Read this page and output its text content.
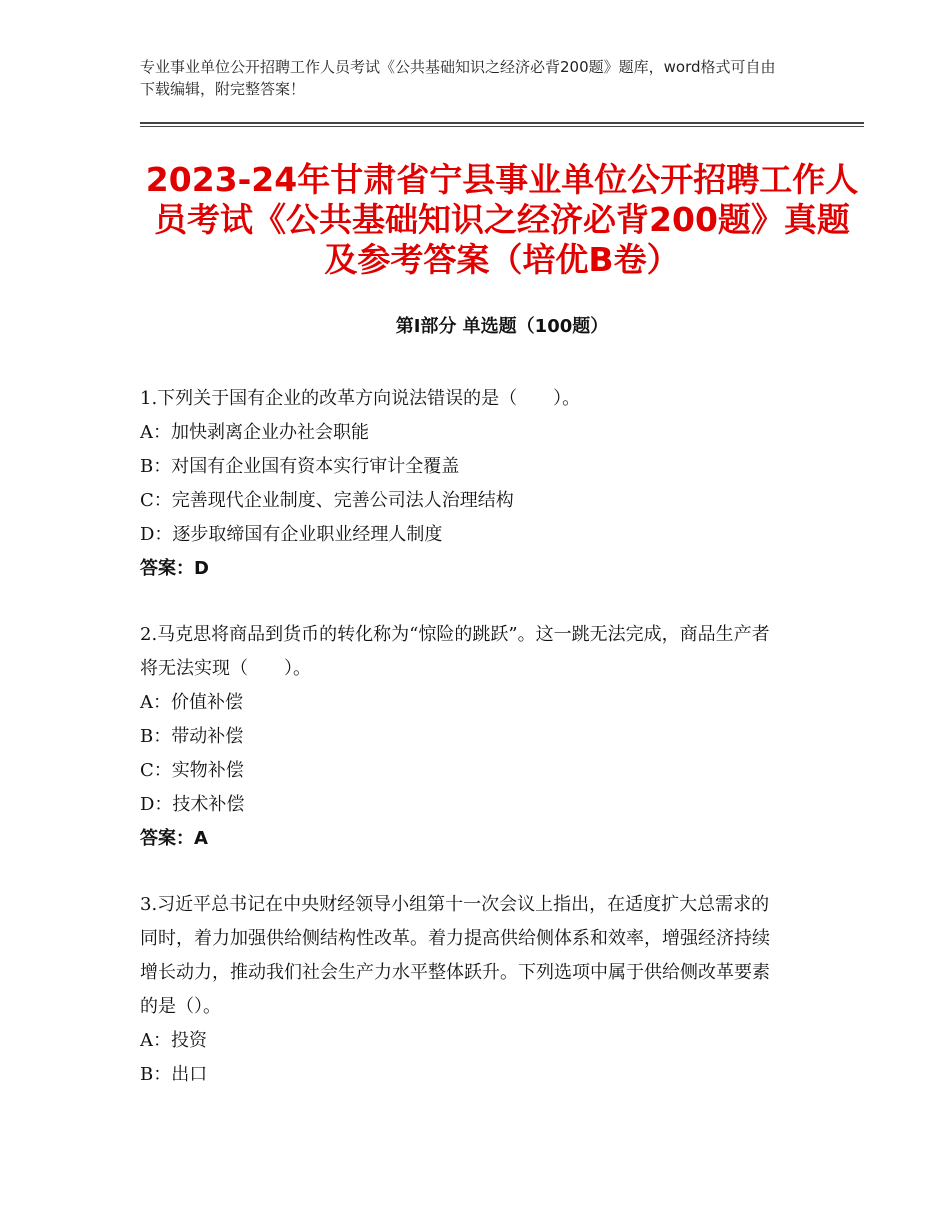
专业事业单位公开招聘工作人员考试《公共基础知识之经济必背200题》题库，word格式可自由下载编辑，附完整答案！
2023-24年甘肃省宁县事业单位公开招聘工作人员考试《公共基础知识之经济必背200题》真题及参考答案（培优B卷）
第Ⅰ部分 单选题（100题）

1.下列关于国有企业的改革方向说法错误的是（　　）。

A：加快剥离企业办社会职能

B：对国有企业国有资本实行审计全覆盖

C：完善现代企业制度、完善公司法人治理结构

D：逐步取缔国有企业职业经理人制度

答案：D

2.马克思将商品到货币的转化称为“惊险的跳跃”。这一跳无法完成，商品生产者将无法实现（　　）。

A：价值补偿

B：带动补偿

C：实物补偿

D：技术补偿

答案：A

3.习近平总书记在中央财经领导小组第十一次会议上指出，在适度扩大总需求的同时，着力加强供给侧结构性改革。着力提高供给侧体系和效率，增强经济持续增长动力，推动我们社会生产力水平整体跃升。下列选项中属于供给侧改革要素的是（）。

A：投资

B：出口
